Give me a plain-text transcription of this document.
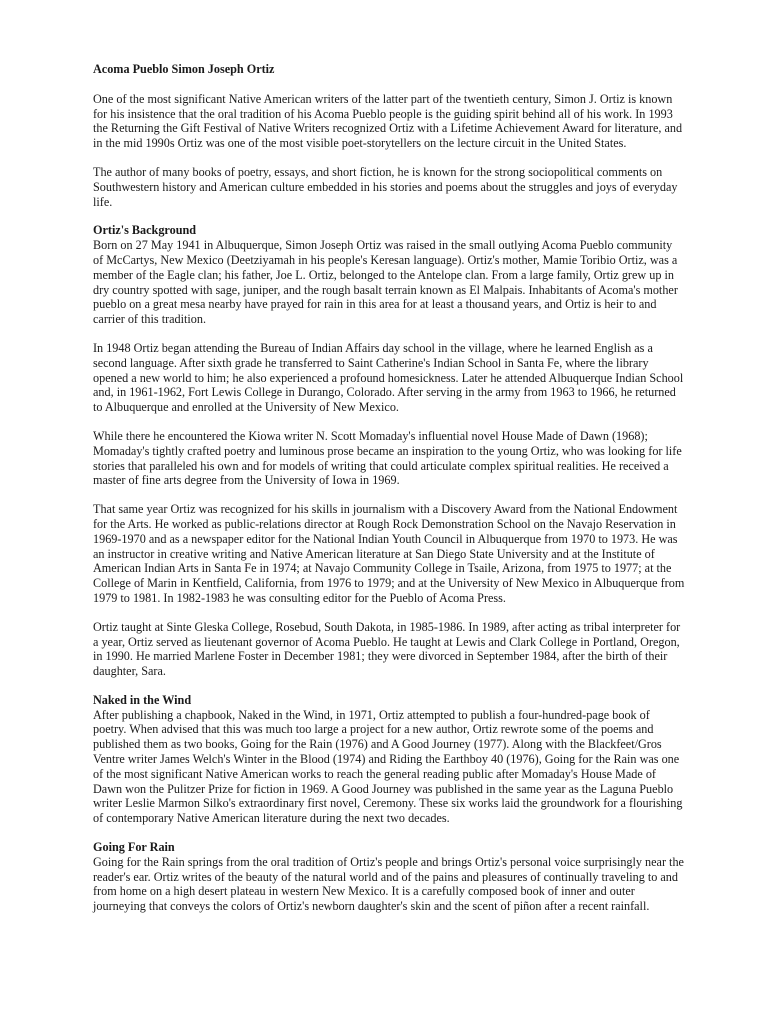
Acoma Pueblo Simon Joseph Ortiz

One of the most significant Native American writers of the latter part of the twentieth century, Simon J. Ortiz is known for his insistence that the oral tradition of his Acoma Pueblo people is the guiding spirit behind all of his work. In 1993 the Returning the Gift Festival of Native Writers recognized Ortiz with a Lifetime Achievement Award for literature, and in the mid 1990s Ortiz was one of the most visible poet-storytellers on the lecture circuit in the United States.

The author of many books of poetry, essays, and short fiction, he is known for the strong sociopolitical comments on Southwestern history and American culture embedded in his stories and poems about the struggles and joys of everyday life.

Ortiz's Background

Born on 27 May 1941 in Albuquerque, Simon Joseph Ortiz was raised in the small outlying Acoma Pueblo community of McCartys, New Mexico (Deetziyamah in his people's Keresan language). Ortiz's mother, Mamie Toribio Ortiz, was a member of the Eagle clan; his father, Joe L. Ortiz, belonged to the Antelope clan. From a large family, Ortiz grew up in dry country spotted with sage, juniper, and the rough basalt terrain known as El Malpais. Inhabitants of Acoma's mother pueblo on a great mesa nearby have prayed for rain in this area for at least a thousand years, and Ortiz is heir to and carrier of this tradition.

In 1948 Ortiz began attending the Bureau of Indian Affairs day school in the village, where he learned English as a second language. After sixth grade he transferred to Saint Catherine's Indian School in Santa Fe, where the library opened a new world to him; he also experienced a profound homesickness. Later he attended Albuquerque Indian School and, in 1961-1962, Fort Lewis College in Durango, Colorado. After serving in the army from 1963 to 1966, he returned to Albuquerque and enrolled at the University of New Mexico.

While there he encountered the Kiowa writer N. Scott Momaday's influential novel House Made of Dawn (1968); Momaday's tightly crafted poetry and luminous prose became an inspiration to the young Ortiz, who was looking for life stories that paralleled his own and for models of writing that could articulate complex spiritual realities. He received a master of fine arts degree from the University of Iowa in 1969.

That same year Ortiz was recognized for his skills in journalism with a Discovery Award from the National Endowment for the Arts. He worked as public-relations director at Rough Rock Demonstration School on the Navajo Reservation in 1969-1970 and as a newspaper editor for the National Indian Youth Council in Albuquerque from 1970 to 1973. He was an instructor in creative writing and Native American literature at San Diego State University and at the Institute of American Indian Arts in Santa Fe in 1974; at Navajo Community College in Tsaile, Arizona, from 1975 to 1977; at the College of Marin in Kentfield, California, from 1976 to 1979; and at the University of New Mexico in Albuquerque from 1979 to 1981. In 1982-1983 he was consulting editor for the Pueblo of Acoma Press.

Ortiz taught at Sinte Gleska College, Rosebud, South Dakota, in 1985-1986. In 1989, after acting as tribal interpreter for a year, Ortiz served as lieutenant governor of Acoma Pueblo. He taught at Lewis and Clark College in Portland, Oregon, in 1990. He married Marlene Foster in December 1981; they were divorced in September 1984, after the birth of their daughter, Sara.

Naked in the Wind

After publishing a chapbook, Naked in the Wind, in 1971, Ortiz attempted to publish a four-hundred-page book of poetry. When advised that this was much too large a project for a new author, Ortiz rewrote some of the poems and published them as two books, Going for the Rain (1976) and A Good Journey (1977). Along with the Blackfeet/Gros Ventre writer James Welch's Winter in the Blood (1974) and Riding the Earthboy 40 (1976), Going for the Rain was one of the most significant Native American works to reach the general reading public after Momaday's House Made of Dawn won the Pulitzer Prize for fiction in 1969. A Good Journey was published in the same year as the Laguna Pueblo writer Leslie Marmon Silko's extraordinary first novel, Ceremony. These six works laid the groundwork for a flourishing of contemporary Native American literature during the next two decades.

Going For Rain

Going for the Rain springs from the oral tradition of Ortiz's people and brings Ortiz's personal voice surprisingly near the reader's ear. Ortiz writes of the beauty of the natural world and of the pains and pleasures of continually traveling to and from home on a high desert plateau in western New Mexico. It is a carefully composed book of inner and outer journeying that conveys the colors of Ortiz's newborn daughter's skin and the scent of piñon after a recent rainfall.
